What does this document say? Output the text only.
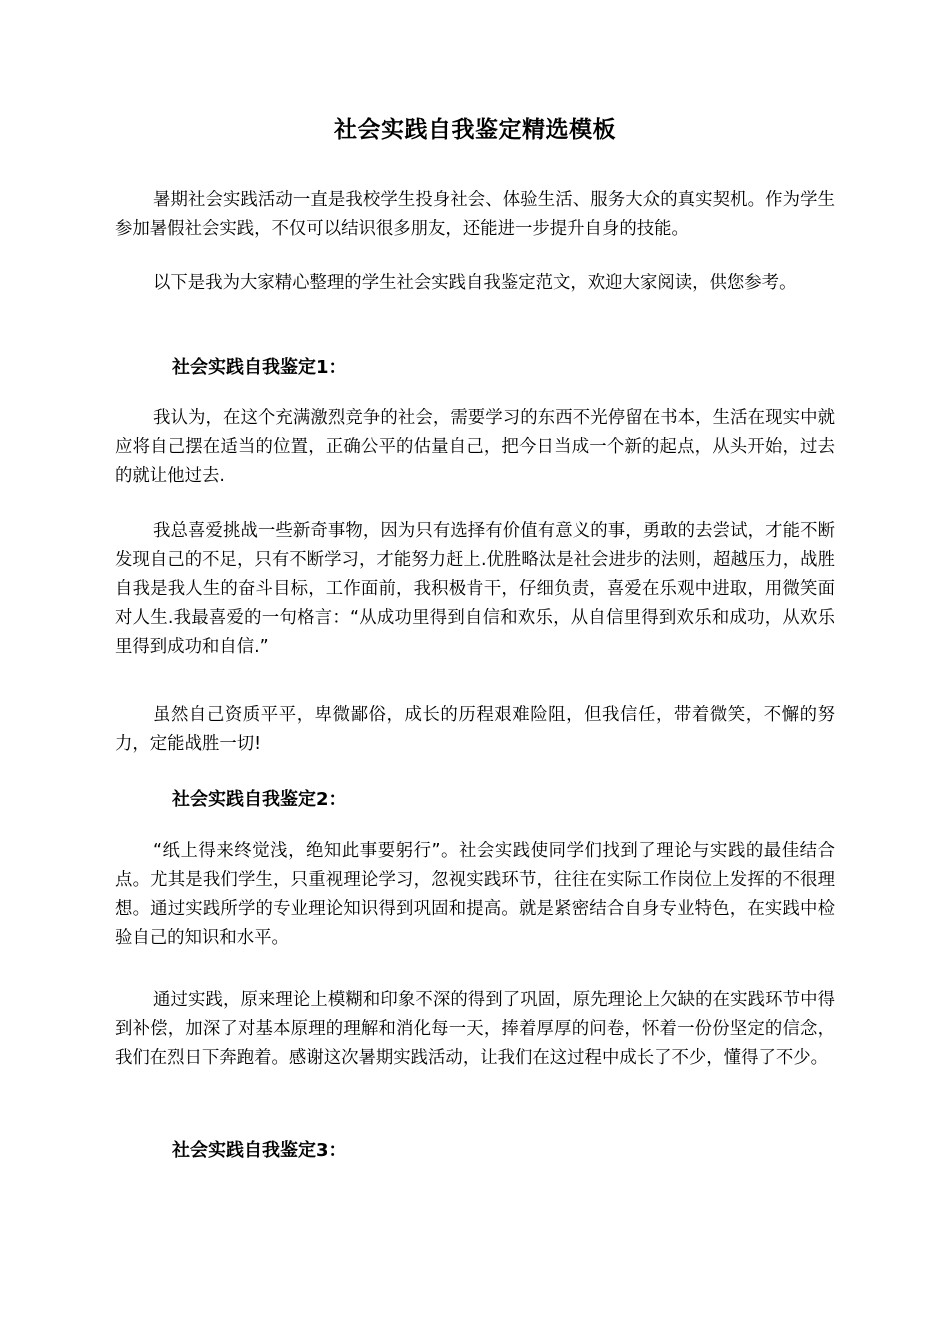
社会实践自我鉴定精选模板

暑期社会实践活动一直是我校学生投身社会、体验生活、服务大众的真实契机。作为学生参加暑假社会实践，不仅可以结识很多朋友，还能进一步提升自身的技能。

以下是我为大家精心整理的学生社会实践自我鉴定范文，欢迎大家阅读，供您参考。

社会实践自我鉴定1：

我认为，在这个充满激烈竞争的社会，需要学习的东西不光停留在书本，生活在现实中就应将自己摆在适当的位置，正确公平的估量自己，把今日当成一个新的起点，从头开始，过去的就让他过去.

我总喜爱挑战一些新奇事物，因为只有选择有价值有意义的事，勇敢的去尝试，才能不断发现自己的不足，只有不断学习，才能努力赶上.优胜略汰是社会进步的法则，超越压力，战胜自我是我人生的奋斗目标，工作面前，我积极肯干，仔细负责，喜爱在乐观中进取，用微笑面对人生.我最喜爱的一句格言：“从成功里得到自信和欢乐，从自信里得到欢乐和成功，从欢乐里得到成功和自信.”

虽然自己资质平平，卑微鄙俗，成长的历程艰难险阻，但我信任，带着微笑，不懈的努力，定能战胜一切!

社会实践自我鉴定2：

“纸上得来终觉浅，绝知此事要躬行”。社会实践使同学们找到了理论与实践的最佳结合点。尤其是我们学生，只重视理论学习，忽视实践环节，往往在实际工作岗位上发挥的不很理想。通过实践所学的专业理论知识得到巩固和提高。就是紧密结合自身专业特色，在实践中检验自己的知识和水平。

通过实践，原来理论上模糊和印象不深的得到了巩固，原先理论上欠缺的在实践环节中得到补偿，加深了对基本原理的理解和消化每一天，捧着厚厚的问卷，怀着一份份坚定的信念，我们在烈日下奔跑着。感谢这次暑期实践活动，让我们在这过程中成长了不少，懂得了不少。

社会实践自我鉴定3：
